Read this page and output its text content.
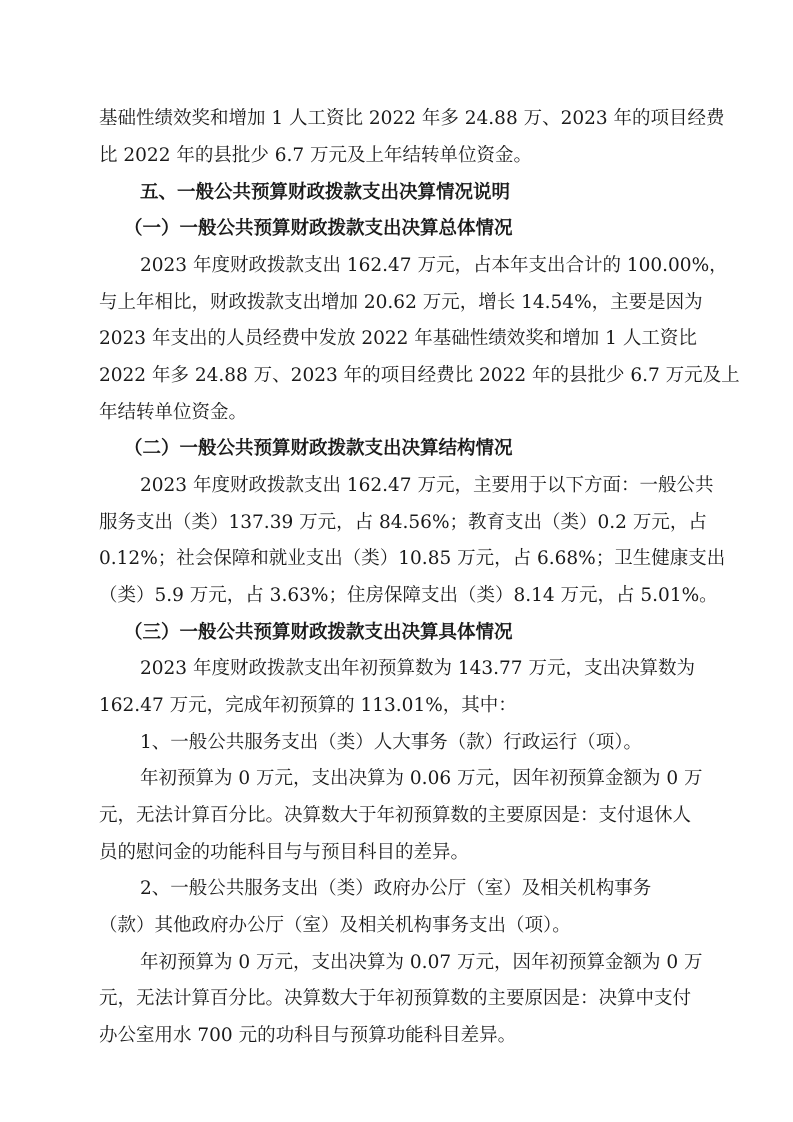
基础性绩效奖和增加 1 人工资比 2022 年多 24.88 万、2023 年的项目经费
比 2022 年的县批少 6.7 万元及上年结转单位资金。
五、一般公共预算财政拨款支出决算情况说明
（一）一般公共预算财政拨款支出决算总体情况
2023 年度财政拨款支出 162.47 万元，占本年支出合计的 100.00%，
与上年相比，财政拨款支出增加 20.62 万元，增长 14.54%，主要是因为
2023 年支出的人员经费中发放 2022 年基础性绩效奖和增加 1 人工资比
2022 年多 24.88 万、2023 年的项目经费比 2022 年的县批少 6.7 万元及上
年结转单位资金。
（二）一般公共预算财政拨款支出决算结构情况
2023 年度财政拨款支出 162.47 万元，主要用于以下方面：一般公共
服务支出（类）137.39 万元，占 84.56%；教育支出（类）0.2 万元，占
0.12%；社会保障和就业支出（类）10.85 万元，占 6.68%；卫生健康支出
（类）5.9 万元，占 3.63%；住房保障支出（类）8.14 万元，占 5.01%。
（三）一般公共预算财政拨款支出决算具体情况
2023 年度财政拨款支出年初预算数为 143.77 万元，支出决算数为
162.47 万元，完成年初预算的 113.01%，其中：
1、一般公共服务支出（类）人大事务（款）行政运行（项）。
年初预算为 0 万元，支出决算为 0.06 万元，因年初预算金额为 0 万
元，无法计算百分比。决算数大于年初预算数的主要原因是：支付退休人
员的慰问金的功能科目与与预目科目的差异。
2、一般公共服务支出（类）政府办公厅（室）及相关机构事务
（款）其他政府办公厅（室）及相关机构事务支出（项）。
年初预算为 0 万元，支出决算为 0.07 万元，因年初预算金额为 0 万
元，无法计算百分比。决算数大于年初预算数的主要原因是：决算中支付
办公室用水 700 元的功科目与预算功能科目差异。
